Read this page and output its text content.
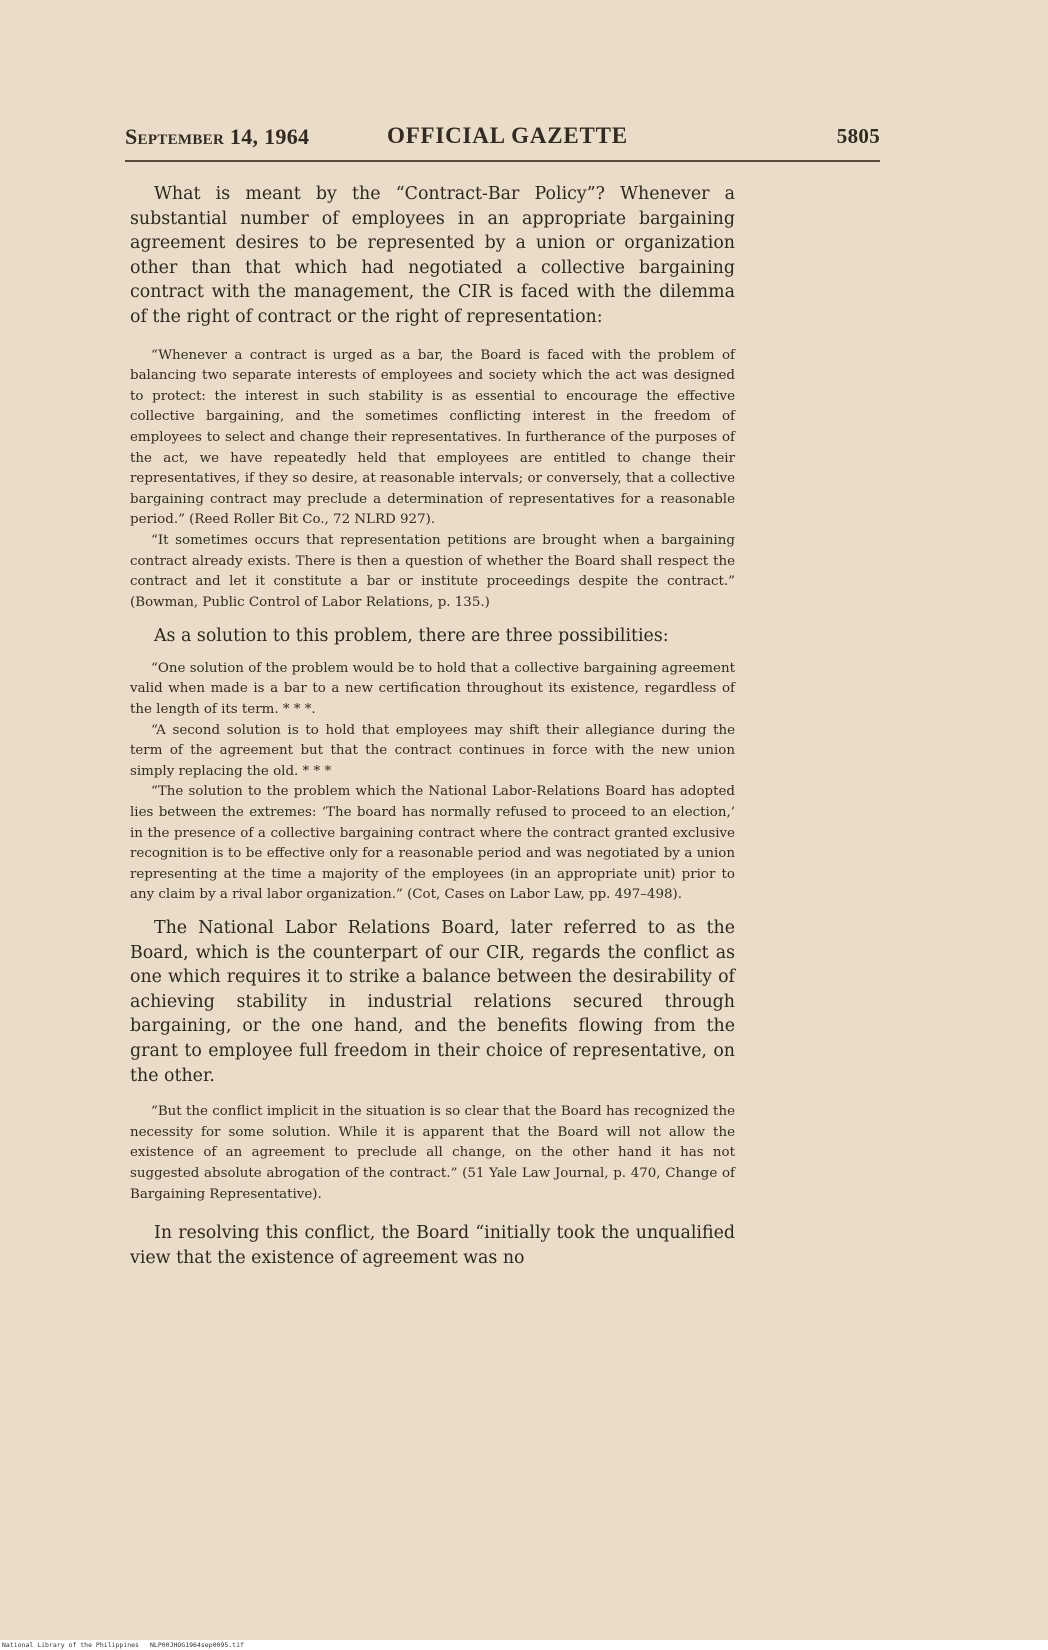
September 14, 1964	OFFICIAL GAZETTE	5805

What is meant by the “Contract-Bar Policy”? Whenever a substantial number of employees in an appropriate bargaining agreement desires to be represented by a union or organization other than that which had negotiated a collective bargaining contract with the management, the CIR is faced with the dilemma of the right of contract or the right of representation:

“Whenever a contract is urged as a bar, the Board is faced with the problem of balancing two separate interests of employees and society which the act was designed to protect: the interest in such stability is as essential to encourage the effective collective bargaining, and the sometimes conflicting interest in the freedom of employees to select and change their representatives. In furtherance of the purposes of the act, we have repeatedly held that employees are entitled to change their representatives, if they so desire, at reasonable intervals; or conversely, that a collective bargaining contract may preclude a determination of representatives for a reasonable period.” (Reed Roller Bit Co., 72 NLRD 927).

“It sometimes occurs that representation petitions are brought when a bargaining contract already exists. There is then a question of whether the Board shall respect the contract and let it constitute a bar or institute proceedings despite the contract.” (Bowman, Public Control of Labor Relations, p. 135.)

As a solution to this problem, there are three possibilities:

“One solution of the problem would be to hold that a collective bargaining agreement valid when made is a bar to a new certification throughout its existence, regardless of the length of its term. * * *.

“A second solution is to hold that employees may shift their allegiance during the term of the agreement but that the contract continues in force with the new union simply replacing the old. * * *

“The solution to the problem which the National Labor-Relations Board has adopted lies between the extremes: ‘The board has normally refused to proceed to an election,’ in the presence of a collective bargaining contract where the contract granted exclusive recognition is to be effective only for a reasonable period and was negotiated by a union representing at the time a majority of the employees (in an appropriate unit) prior to any claim by a rival labor organization.” (Cot, Cases on Labor Law, pp. 497–498).

The National Labor Relations Board, later referred to as the Board, which is the counterpart of our CIR, regards the conflict as one which requires it to strike a balance between the desirability of achieving stability in industrial relations secured through bargaining, or the one hand, and the benefits flowing from the grant to employee full freedom in their choice of representative, on the other.

“But the conflict implicit in the situation is so clear that the Board has recognized the necessity for some solution. While it is apparent that the Board will not allow the existence of an agreement to preclude all change, on the other hand it has not suggested absolute abrogation of the contract.” (51 Yale Law Journal, p. 470, Change of Bargaining Representative).

In resolving this conflict, the Board “initially took the unqualified view that the existence of agreement was no

National Library of the Philippines NLP00JHOG1964sep0095.tif
